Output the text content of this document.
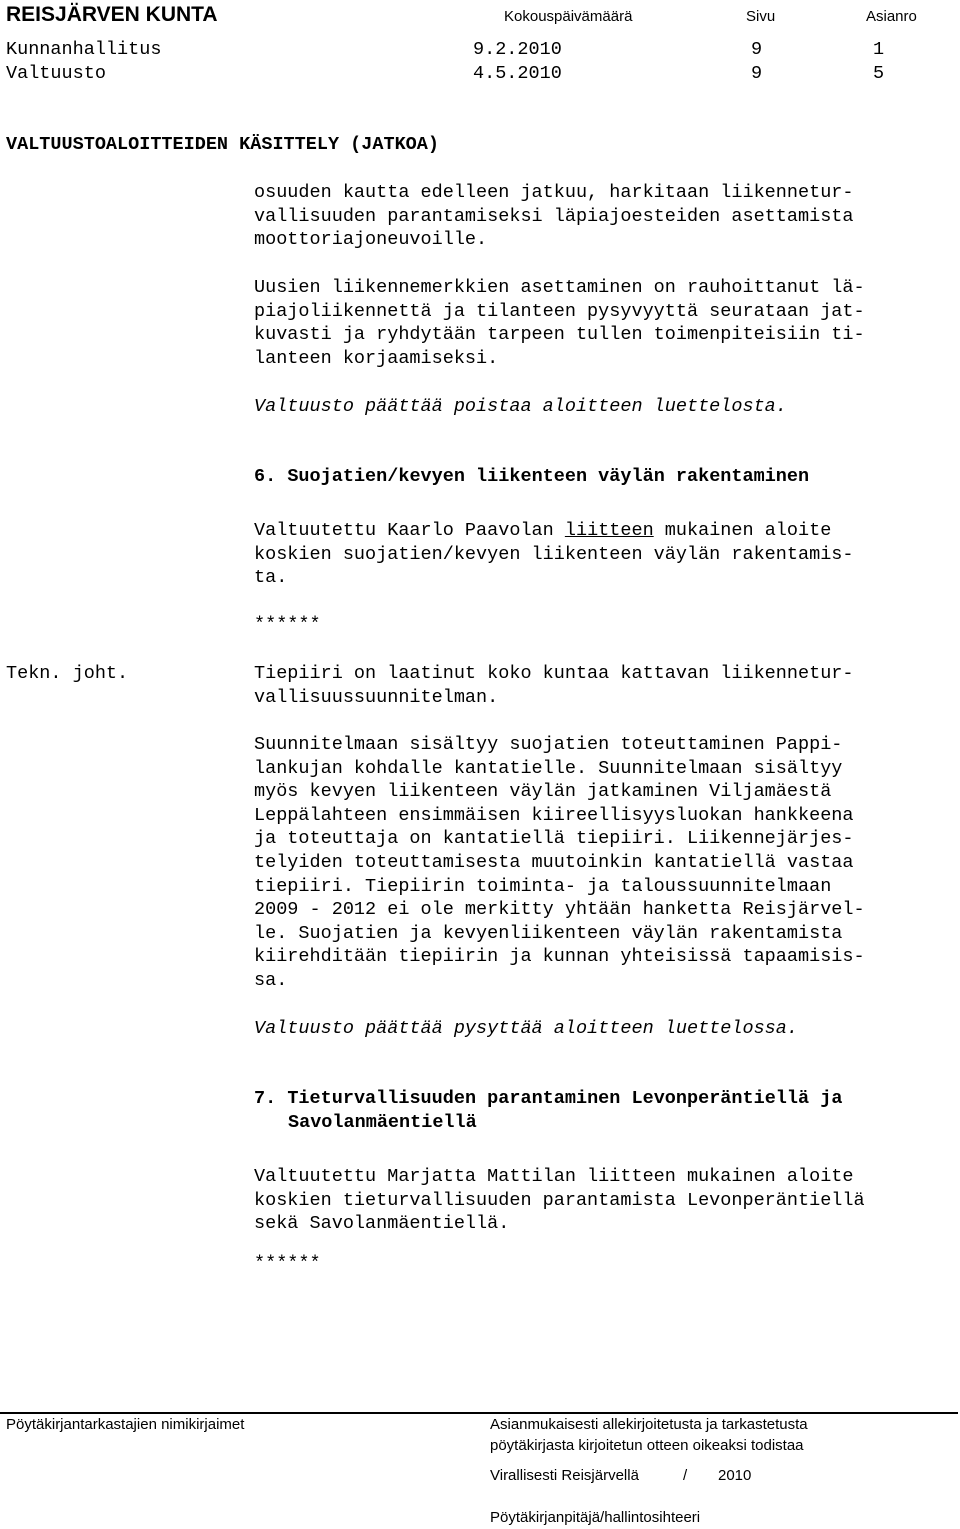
REISJÄRVEN KUNTA	Kokouspäivämäärä	Sivu	Asianro
Kunnanhallitus	9.2.2010	9	1
Valtuusto	4.5.2010	9	5
VALTUUSTOALOITTEIDEN KÄSITTELY (JATKOA)
osuuden kautta edelleen jatkuu, harkitaan liikennetur-
vallisuuden parantamiseksi läpiajoesteiden asettamista
moottoriajoneuvoille.
Uusien liikennemerkkien asettaminen on rauhoittanut lä-
piajoliikennettä ja tilanteen pysyvyyttä seurataan jat-
kuvasti ja ryhdytään tarpeen tullen toimenpiteisiin ti-
lanteen korjaamiseksi.
Valtuusto päättää poistaa aloitteen luettelosta.
6. Suojatien/kevyen liikenteen väylän rakentaminen
Valtuutettu Kaarlo Paavolan liitteen mukainen aloite
koskien suojatien/kevyen liikenteen väylän rakentamis-
ta.
******
Tekn. joht.	Tiepiiri on laatinut koko kuntaa kattavan liikennetur-
vallisuussuunnitelman.
Suunnitelmaan sisältyy suojatien toteuttaminen Pappi-
lankujan kohdalle kantatielle. Suunnitelmaan sisältyy
myös kevyen liikenteen väylän jatkaminen Viljamäestä
Leppälahteen ensimmäisen kiireellisyysluokan hankkeena
ja toteuttaja on kantatiellä tiepiiri. Liikennejärjes-
telyiden toteuttamisesta muutoinkin kantatiellä vastaa
tiepiiri. Tiepiirin toiminta- ja taloussuunnitelmaan
2009 - 2012 ei ole merkitty yhtään hanketta Reisjärvel-
le. Suojatien ja kevyenliikenteen väylän rakentamista
kiirehditään tiepiirin ja kunnan yhteisissä tapaamisis-
sa.
Valtuusto päättää pysyttää aloitteen luettelossa.
7. Tieturvallisuuden parantaminen Levonperäntiellä ja
Savolanmäentiellä
Valtuutettu Marjatta Mattilan liitteen mukainen aloite
koskien tieturvallisuuden parantamista Levonperäntiellä
sekä Savolanmäentiellä.
******
Pöytäkirjantarkastajien nimikirjaimet	Asianmukaisesti allekirjoitetusta ja tarkastetusta
pöytäkirjasta kirjoitetun otteen oikeaksi todistaa
Virallisesti Reisjärvellä	/ 2010
Pöytäkirjanpitäjä/hallintosihteeri
